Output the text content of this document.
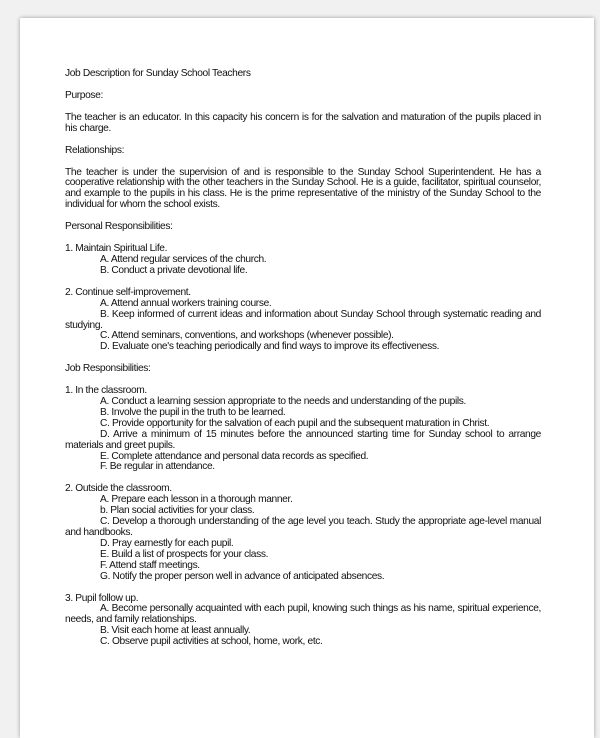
Job Description for Sunday School Teachers

Purpose:

The teacher is an educator. In this capacity his concern is for the salvation and maturation of the pupils placed in his charge.

Relationships:

The teacher is under the supervision of and is responsible to the Sunday School Superintendent. He has a cooperative relationship with the other teachers in the Sunday School. He is a guide, facilitator, spiritual counselor, and example to the pupils in his class. He is the prime representative of the ministry of the Sunday School to the individual for whom the school exists.

Personal Responsibilities:

1. Maintain Spiritual Life.

A. Attend regular services of the church.

B. Conduct a private devotional life.

2. Continue self-improvement.

A. Attend annual workers training course.

B. Keep informed of current ideas and information about Sunday School through systematic reading and studying.

C. Attend seminars, conventions, and workshops (whenever possible).

D. Evaluate one's teaching periodically and find ways to improve its effectiveness.

Job Responsibilities:

1. In the classroom.

A. Conduct a learning session appropriate to the needs and understanding of the pupils.

B. Involve the pupil in the truth to be learned.

C. Provide opportunity for the salvation of each pupil and the subsequent maturation in Christ.

D. Arrive a minimum of 15 minutes before the announced starting time for Sunday school to arrange materials and greet pupils.

E. Complete attendance and personal data records as specified.

F. Be regular in attendance.

2. Outside the classroom.

A. Prepare each lesson in a thorough manner.

b. Plan social activities for your class.

C. Develop a thorough understanding of the age level you teach. Study the appropriate age-level manual and handbooks.

D. Pray earnestly for each pupil.

E. Build a list of prospects for your class.

F. Attend staff meetings.

G. Notify the proper person well in advance of anticipated absences.

3. Pupil follow up.

A. Become personally acquainted with each pupil, knowing such things as his name, spiritual experience, needs, and family relationships.

B. Visit each home at least annually.

C. Observe pupil activities at school, home, work, etc.
